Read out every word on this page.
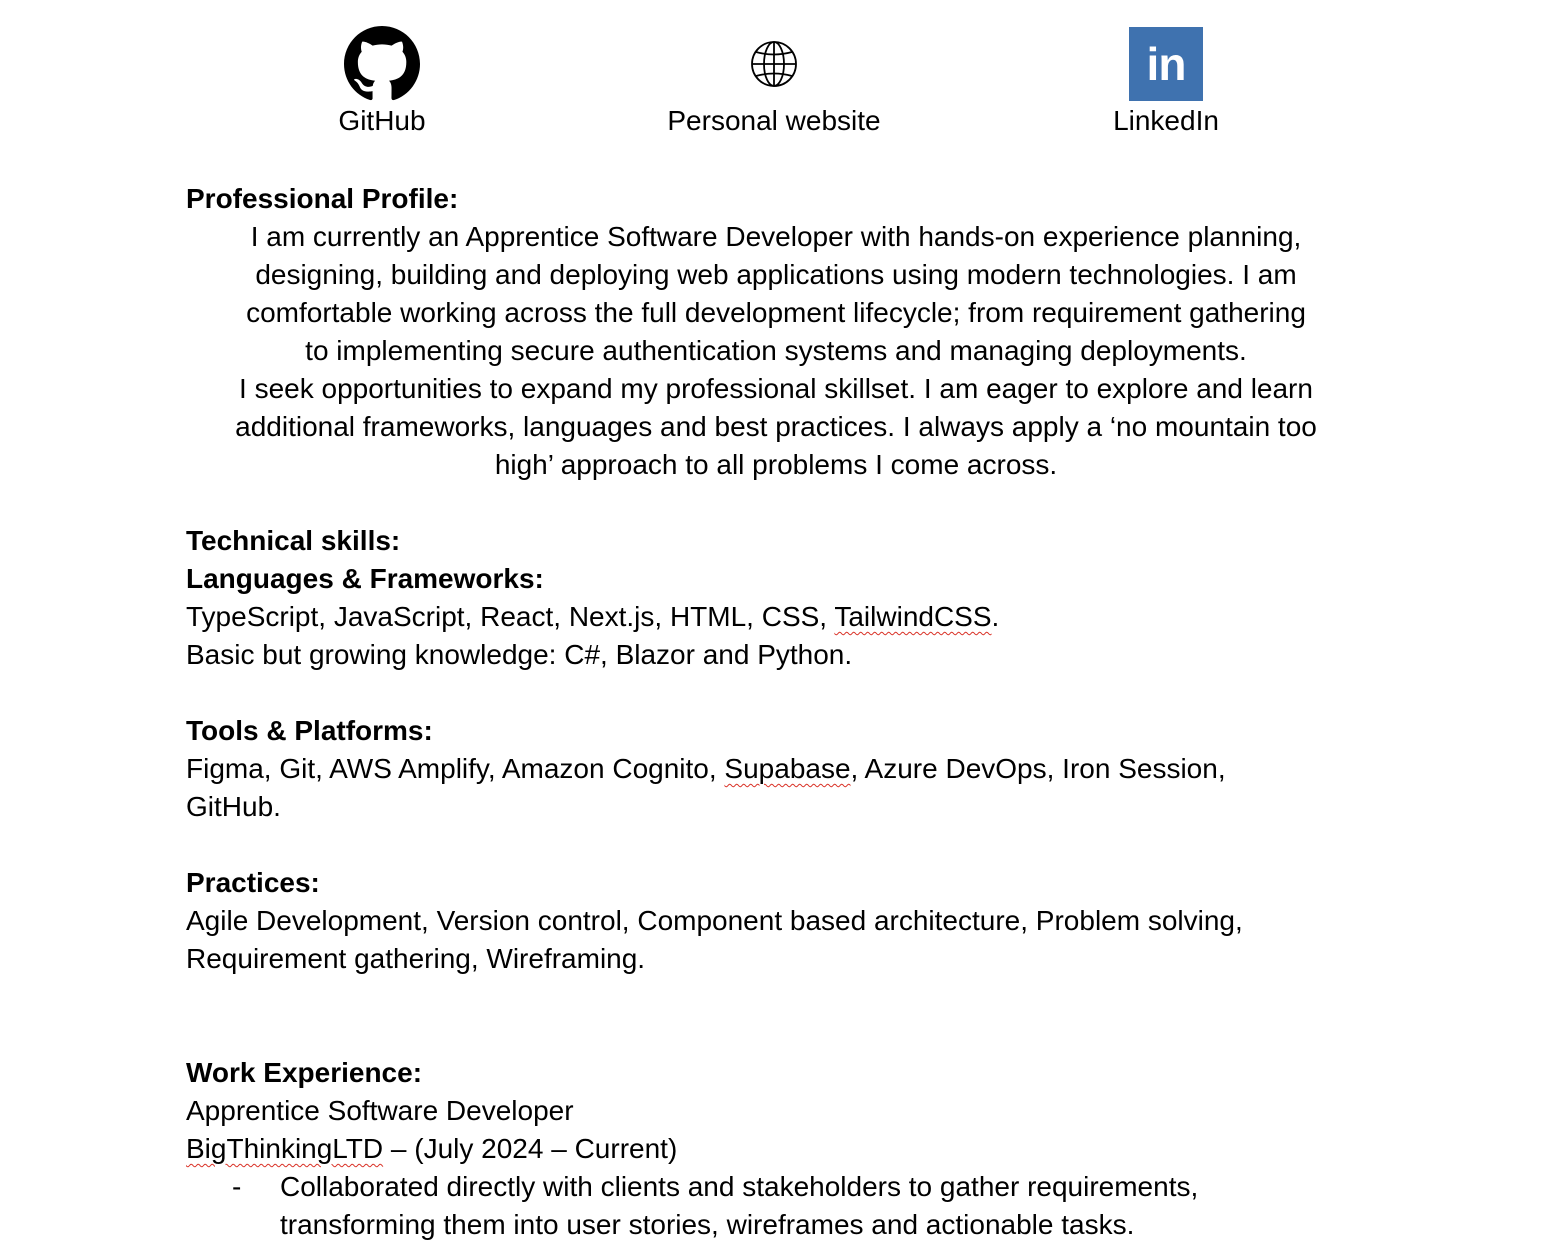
GitHub	Personal website
in
LinkedIn

Professional Profile:

I am currently an Apprentice Software Developer with hands-on experience planning,

designing, building and deploying web applications using modern technologies. I am

comfortable working across the full development lifecycle; from requirement gathering

to implementing secure authentication systems and managing deployments.

I seek opportunities to expand my professional skillset. I am eager to explore and learn

additional frameworks, languages and best practices. I always apply a ‘no mountain too

high’ approach to all problems I come across.

Technical skills:

Languages & Frameworks:

TypeScript, JavaScript, React, Next.js, HTML, CSS, TailwindCSS.

Basic but growing knowledge: C#, Blazor and Python.

Tools & Platforms:

Figma, Git, AWS Amplify, Amazon Cognito, Supabase, Azure DevOps, Iron Session,

GitHub.

Practices:

Agile Development, Version control, Component based architecture, Problem solving,

Requirement gathering, Wireframing.

Work Experience:

Apprentice Software Developer

BigThinkingLTD – (July 2024 – Current)

- Collaborated directly with clients and stakeholders to gather requirements,
transforming them into user stories, wireframes and actionable tasks.
